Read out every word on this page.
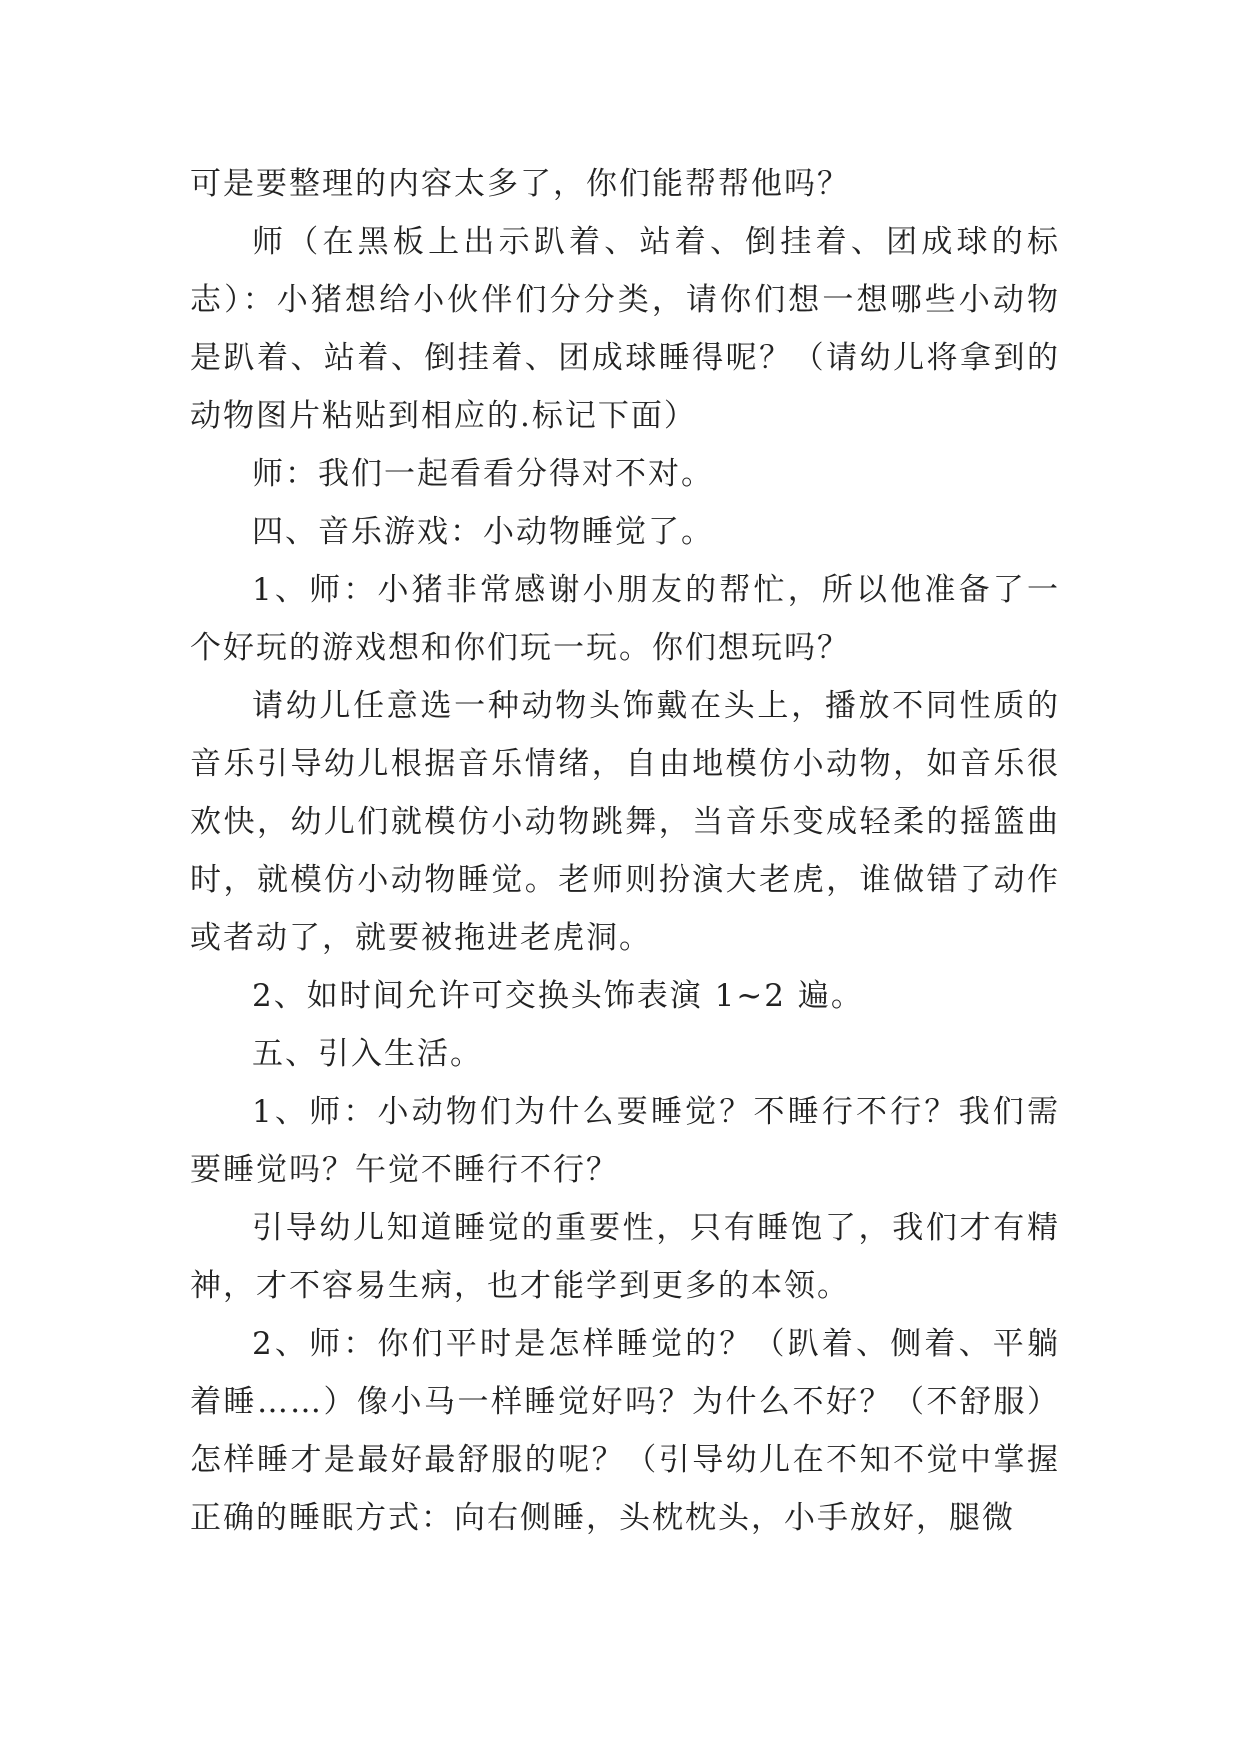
可是要整理的内容太多了，你们能帮帮他吗？

师（在黑板上出示趴着、站着、倒挂着、团成球的标志）：小猪想给小伙伴们分分类，请你们想一想哪些小动物是趴着、站着、倒挂着、团成球睡得呢？（请幼儿将拿到的动物图片粘贴到相应的.标记下面）

师：我们一起看看分得对不对。

四、音乐游戏：小动物睡觉了。

1、师：小猪非常感谢小朋友的帮忙，所以他准备了一个好玩的游戏想和你们玩一玩。你们想玩吗？

请幼儿任意选一种动物头饰戴在头上，播放不同性质的音乐引导幼儿根据音乐情绪，自由地模仿小动物，如音乐很欢快，幼儿们就模仿小动物跳舞，当音乐变成轻柔的摇篮曲时，就模仿小动物睡觉。老师则扮演大老虎，谁做错了动作或者动了，就要被拖进老虎洞。

2、如时间允许可交换头饰表演 1~2 遍。

五、引入生活。

1、师：小动物们为什么要睡觉？不睡行不行？我们需要睡觉吗？午觉不睡行不行？

引导幼儿知道睡觉的重要性，只有睡饱了，我们才有精神，才不容易生病，也才能学到更多的本领。

2、师：你们平时是怎样睡觉的？（趴着、侧着、平躺着睡……）像小马一样睡觉好吗？为什么不好？（不舒服）怎样睡才是最好最舒服的呢？（引导幼儿在不知不觉中掌握正确的睡眠方式：向右侧睡，头枕枕头，小手放好，腿微
